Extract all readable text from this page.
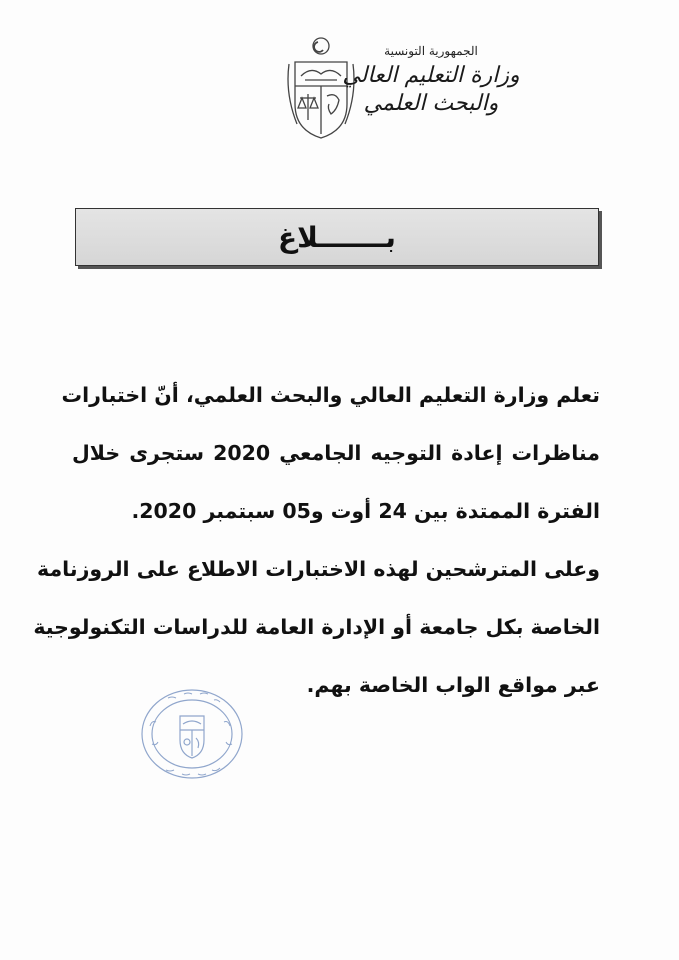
الجمهورية التونسية
وزارة التعليم العالي
والبحث العلمي
بـــــــلاغ
تعلم وزارة التعليم العالي والبحث العلمي، أنّ اختبارات
مناظرات إعادة التوجيه الجامعي 2020 ستجرى خلال
الفترة الممتدة بين 24 أوت و05 سبتمبر 2020.
وعلى المترشحين لهذه الاختبارات الاطلاع على الروزنامة
الخاصة بكل جامعة أو الإدارة العامة للدراسات التكنولوجية
عبر مواقع الواب الخاصة بهم.
